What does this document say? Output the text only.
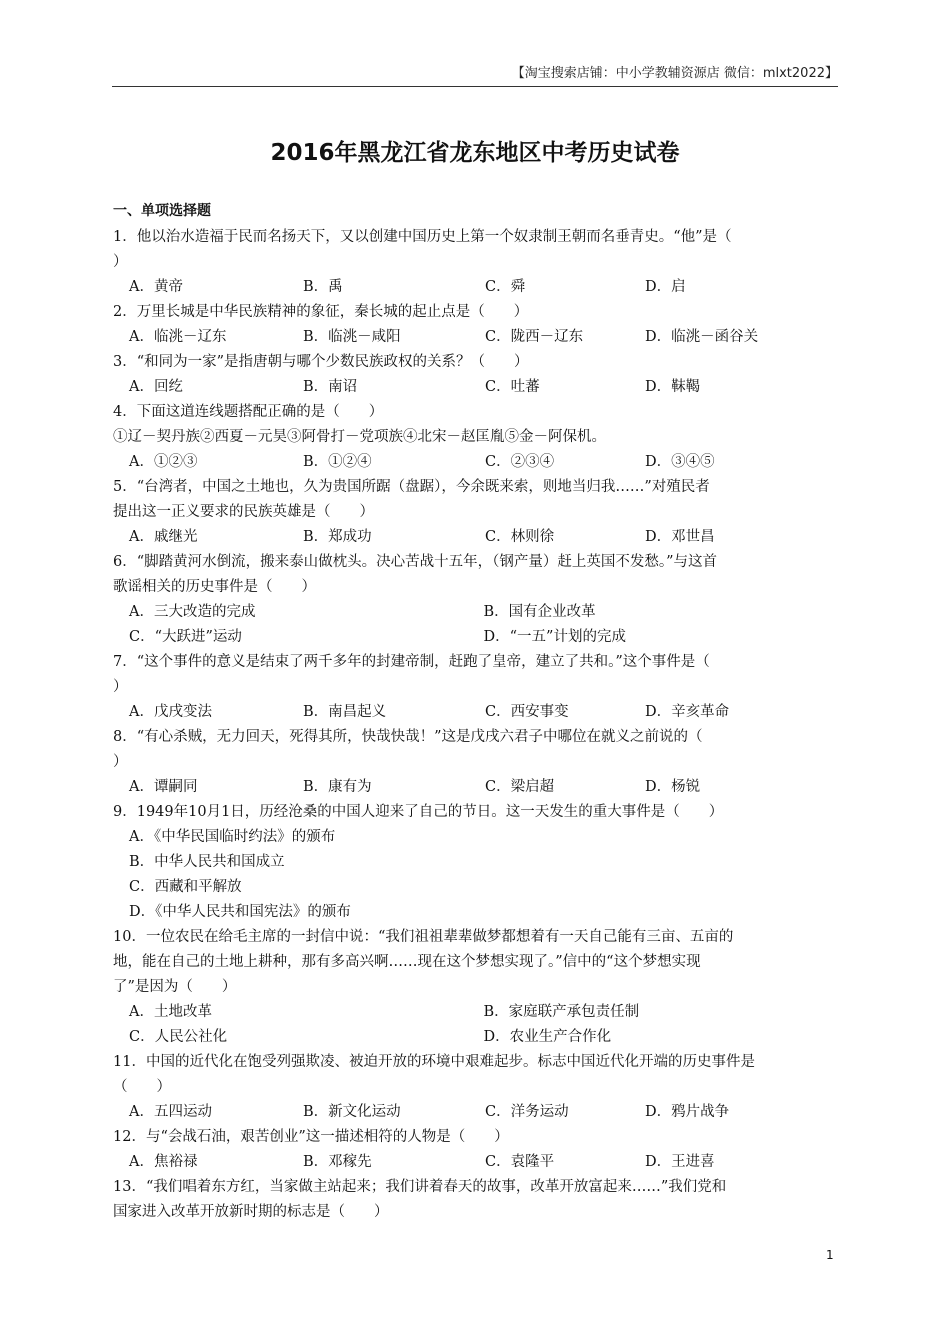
【淘宝搜索店铺：中小学教辅资源店 微信：mlxt2022】
2016年黑龙江省龙东地区中考历史试卷
一、单项选择题
1．他以治水造福于民而名扬天下，又以创建中国历史上第一个奴隶制王朝而名垂青史。“他”是（
）
A．黄帝	B．禹	C．舜	D．启
2．万里长城是中华民族精神的象征，秦长城的起止点是（　　）
A．临洮－辽东	B．临洮－咸阳	C．陇西－辽东	D．临洮－函谷关
3．“和同为一家”是指唐朝与哪个少数民族政权的关系？（　　）
A．回纥	B．南诏	C．吐蕃	D．靺鞨
4．下面这道连线题搭配正确的是（　　）
①辽－契丹族②西夏－元昊③阿骨打－党项族④北宋－赵匡胤⑤金－阿保机。
A．①②③	B．①②④	C．②③④	D．③④⑤
5．“台湾者，中国之土地也，久为贵国所踞（盘踞），今余既来索，则地当归我……”对殖民者
提出这一正义要求的民族英雄是（　　）
A．戚继光	B．郑成功	C．林则徐	D．邓世昌
6．“脚踏黄河水倒流，搬来泰山做枕头。决心苦战十五年，（钢产量）赶上英国不发愁。”与这首
歌谣相关的历史事件是（　　）
A．三大改造的完成	B．国有企业改革
C．“大跃进”运动	D．“一五”计划的完成
7．“这个事件的意义是结束了两千多年的封建帝制，赶跑了皇帝，建立了共和。”这个事件是（
）
A．戊戌变法	B．南昌起义	C．西安事变	D．辛亥革命
8．“有心杀贼，无力回天，死得其所，快哉快哉！”这是戊戌六君子中哪位在就义之前说的（
）
A．谭嗣同	B．康有为	C．梁启超	D．杨锐
9．1949年10月1日，历经沧桑的中国人迎来了自己的节日。这一天发生的重大事件是（　　）
A．《中华民国临时约法》的颁布
B．中华人民共和国成立
C．西藏和平解放
D．《中华人民共和国宪法》的颁布
10．一位农民在给毛主席的一封信中说：“我们祖祖辈辈做梦都想着有一天自己能有三亩、五亩的
地，能在自己的土地上耕种，那有多高兴啊……现在这个梦想实现了。”信中的“这个梦想实现
了”是因为（　　）
A．土地改革	B．家庭联产承包责任制
C．人民公社化	D．农业生产合作化
11．中国的近代化在饱受列强欺凌、被迫开放的环境中艰难起步。标志中国近代化开端的历史事件是
（　　）
A．五四运动	B．新文化运动	C．洋务运动	D．鸦片战争
12．与“会战石油，艰苦创业”这一描述相符的人物是（　　）
A．焦裕禄	B．邓稼先	C．袁隆平	D．王进喜
13．“我们唱着东方红，当家做主站起来；我们讲着春天的故事，改革开放富起来……”我们党和
国家进入改革开放新时期的标志是（　　）
1
